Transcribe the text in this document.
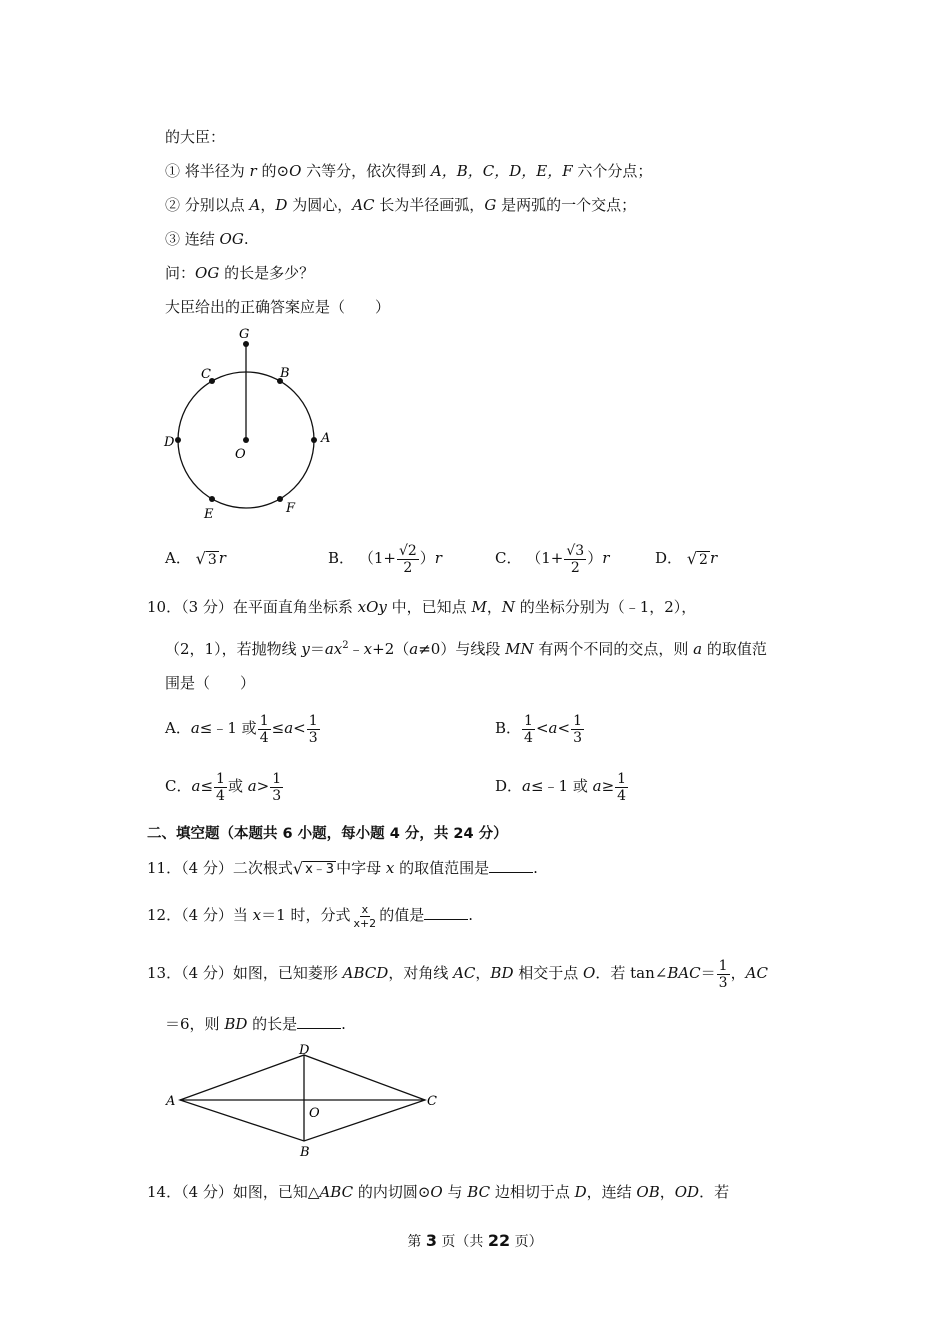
的大臣：
① 将半径为 r 的⊙O 六等分，依次得到 A，B，C，D，E，F 六个分点；
② 分别以点 A，D 为圆心，AC 长为半径画弧，G 是两弧的一个交点；
③ 连结 OG.
问：OG 的长是多少？
大臣给出的正确答案应是（　　）
G
C	B
D
O
A
E	F
A． √ 3 r	B． $(1+ \frac{√2}{2} )r$	C． $(1+ \frac{√3}{2} )r$	D． √ 2 r
10．（3 分）在平面直角坐标系 xOy 中，已知点 M，N 的坐标分别为（﹣1，2），
（2，1），若抛物线 $y=ax^2﹣x+2(a\ne 0)$与线段 MN 有两个不同的交点，则 a 的取值范
围是（　　）
A．a≤﹣1 或 $\frac{1}{4} \le a< \frac{1}{3}$	B． $\frac{1}{4} <a< \frac{1}{3}$
C．$a\le \frac{1}{4}$ 或 $a> \frac{1}{3}$	D．a≤﹣1 或 $a\ge \frac{1}{4}$
二、填空题（本题共 6 小题，每小题 4 分，共 24 分）
11．（4 分）二次根式 √ x﹣3 中字母 x 的取值范围是	.
12．（4 分）当 x＝1 时，分式 $\frac{x}{x+2}$ 的值是	.
13．（4 分）如图，已知菱形 ABCD，对角线 AC，BD 相交于点 O．若 tan∠BAC＝ $\frac{1}{3}$ ，AC
＝6，则 BD 的长是	.
D
A
O
C
B
14．（4 分）如图，已知△ABC 的内切圆⊙O 与 BC 边相切于点 D，连结 OB，OD．若
第 3 页（共 22 页）
